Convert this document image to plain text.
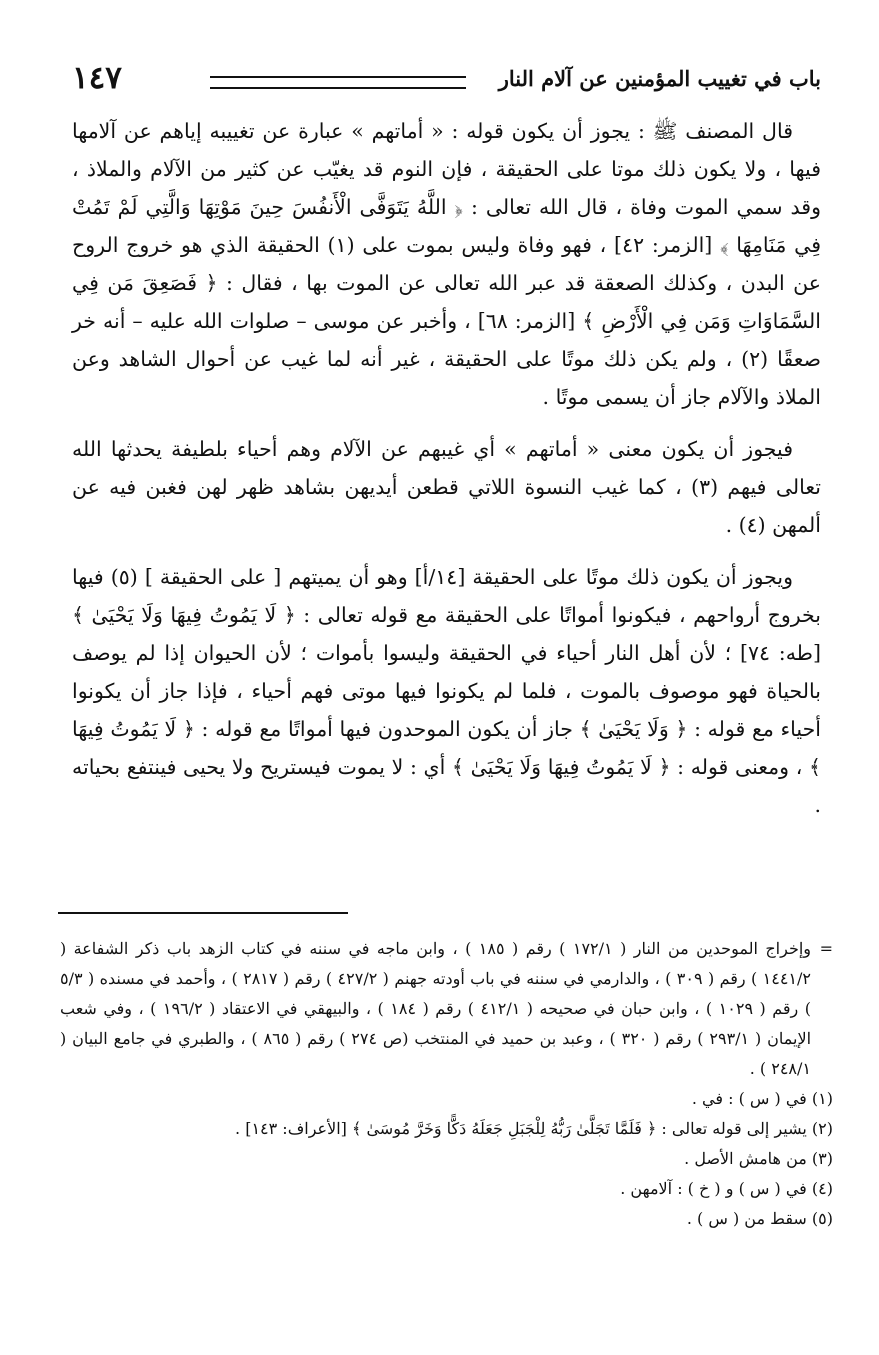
باب في تغييب المؤمنين عن آلام النار
١٤٧

قال المصنف ﷺ : يجوز أن يكون قوله : « أماتهم » عبارة عن تغييبه إياهم عن آلامها فيها ، ولا يكون ذلك موتا على الحقيقة ، فإن النوم قد يغيّب عن كثير من الآلام والملاذ ، وقد سمي الموت وفاة ، قال الله تعالى : ﴿ اللَّهُ يَتَوَفَّى الْأَنفُسَ حِينَ مَوْتِهَا وَالَّتِي لَمْ تَمُتْ فِي مَنَامِهَا ﴾ [الزمر: ٤٢] ، فهو وفاة وليس بموت على (١) الحقيقة الذي هو خروج الروح عن البدن ، وكذلك الصعقة قد عبر الله تعالى عن الموت بها ، فقال : ﴿ فَصَعِقَ مَن فِي السَّمَاوَاتِ وَمَن فِي الْأَرْضِ ﴾ [الزمر: ٦٨] ، وأخبر عن موسى – صلوات الله عليه – أنه خر صعقًا (٢) ، ولم يكن ذلك موتًا على الحقيقة ، غير أنه لما غيب عن أحوال الشاهد وعن الملاذ والآلام جاز أن يسمى موتًا .

فيجوز أن يكون معنى « أماتهم » أي غيبهم عن الآلام وهم أحياء بلطيفة يحدثها الله تعالى فيهم (٣) ، كما غيب النسوة اللاتي قطعن أيديهن بشاهد ظهر لهن فغبن فيه عن ألمهن (٤) .

ويجوز أن يكون ذلك موتًا على الحقيقة [١٤/أ] وهو أن يميتهم [ على الحقيقة ] (٥) فيها بخروج أرواحهم ، فيكونوا أمواتًا على الحقيقة مع قوله تعالى : ﴿ لَا يَمُوتُ فِيهَا وَلَا يَحْيَىٰ ﴾ [طه: ٧٤] ؛ لأن أهل النار أحياء في الحقيقة وليسوا بأموات ؛ لأن الحيوان إذا لم يوصف بالحياة فهو موصوف بالموت ، فلما لم يكونوا فيها موتى فهم أحياء ، فإذا جاز أن يكونوا أحياء مع قوله : ﴿ وَلَا يَحْيَىٰ ﴾ جاز أن يكون الموحدون فيها أمواتًا مع قوله : ﴿ لَا يَمُوتُ فِيهَا ﴾ ، ومعنى قوله : ﴿ لَا يَمُوتُ فِيهَا وَلَا يَحْيَىٰ ﴾ أي : لا يموت فيستريح ولا يحيى فينتفع بحياته .

=
وإخراج الموحدين من النار ( ١٧٢/١ ) رقم ( ١٨٥ ) ، وابن ماجه في سننه في كتاب الزهد باب ذكر الشفاعة ( ١٤٤١/٢ ) رقم ( ٣٠٩ ) ، والدارمي في سننه في باب أودته جهنم ( ٤٢٧/٢ ) رقم ( ٢٨١٧ ) ، وأحمد في مسنده ( ٥/٣ ) رقم ( ١٠٢٩ ) ، وابن حبان في صحيحه ( ٤١٢/١ ) رقم ( ١٨٤ ) ، والبيهقي في الاعتقاد ( ١٩٦/٢ ) ، وفي شعب الإيمان ( ٢٩٣/١ ) رقم ( ٣٢٠ ) ، وعبد بن حميد في المنتخب (ص ٢٧٤ ) رقم ( ٨٦٥ ) ، والطبري في جامع البيان ( ٢٤٨/١ ) .

(١) في ( س ) : في .

(٢) يشير إلى قوله تعالى : ﴿ فَلَمَّا تَجَلَّىٰ رَبُّهُ لِلْجَبَلِ جَعَلَهُ دَكًّا وَخَرَّ مُوسَىٰ ﴾ [الأعراف: ١٤٣] .

(٣) من هامش الأصل .

(٤) في ( س ) و ( خ ) : آلامهن .

(٥) سقط من ( س ) .
